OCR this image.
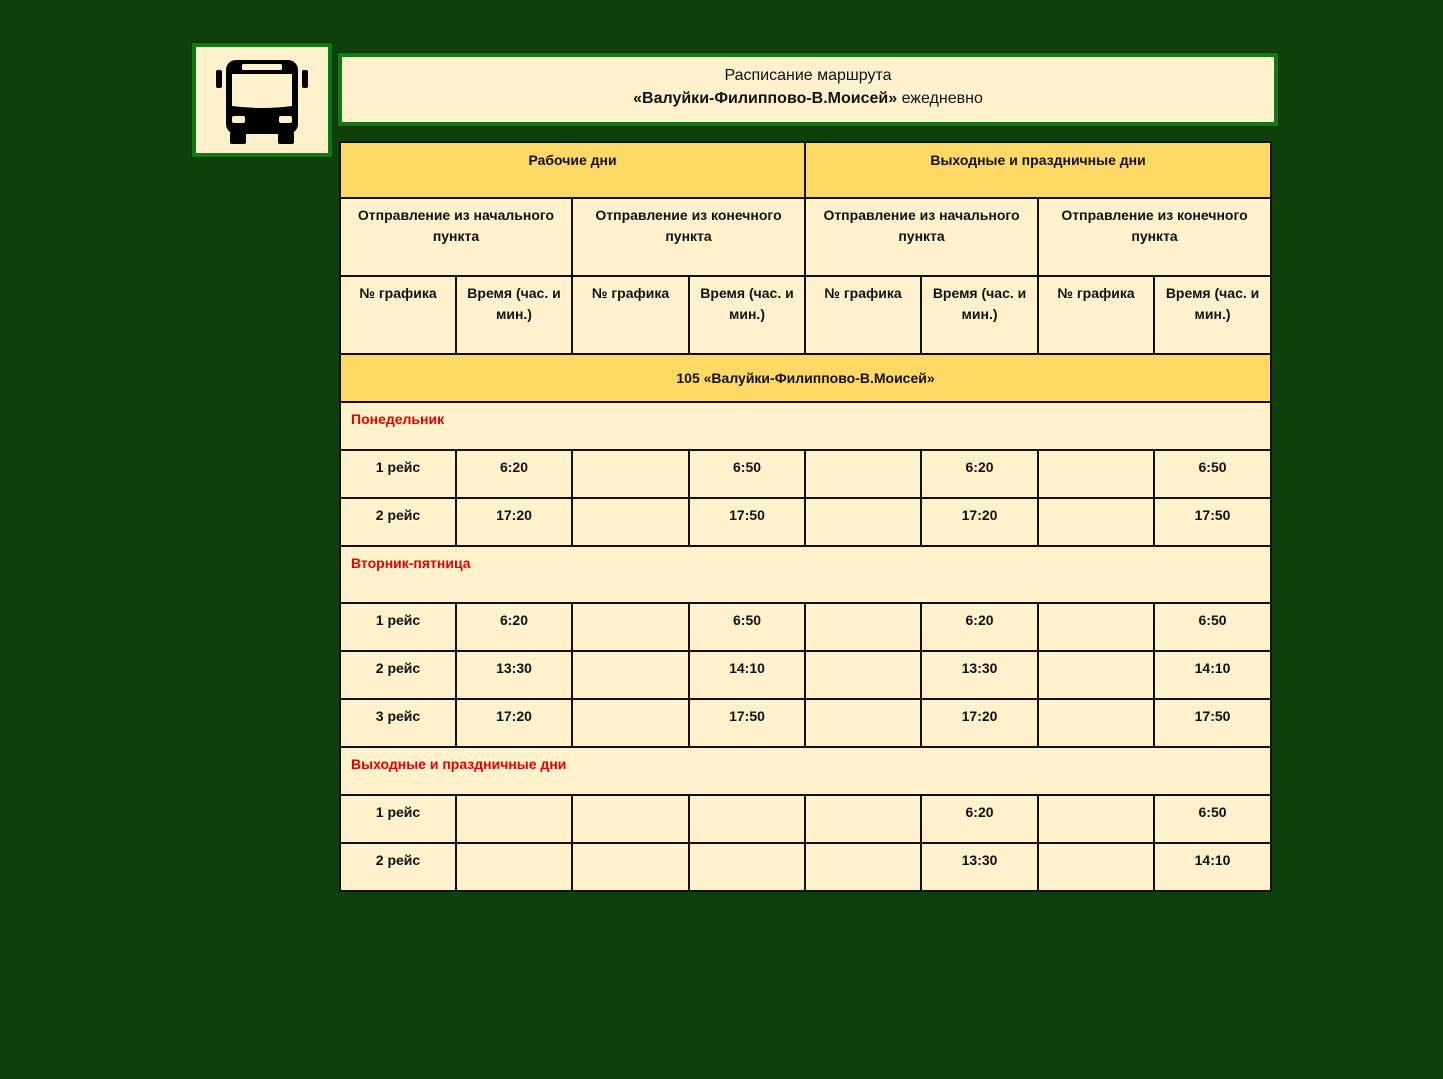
Расписание маршрута
«Валуйки-Филиппово-В.Моисей» ежедневно
Рабочие дни				Выходные и праздничные дни			

Отправление из начального пункта		Отправление из конечного пункта		Отправление из начального пункта		Отправление из конечного пункта	

№ графика	Время (час. и мин.)	№ графика	Время (час. и мин.)	№ графика	Время (час. и мин.)	№ графика	Время (час. и мин.)

105 «Валуйки-Филиппово-В.Моисей»							

Понедельник							

1 рейс	6:20		6:50		6:20		6:50

2 рейс	17:20		17:50		17:20		17:50

Вторник-пятница							

1 рейс	6:20		6:50		6:20		6:50

2 рейс	13:30		14:10		13:30		14:10

3 рейс	17:20		17:50		17:20		17:50

Выходные и праздничные дни							

1 рейс					6:20		6:50

2 рейс					13:30		14:10
